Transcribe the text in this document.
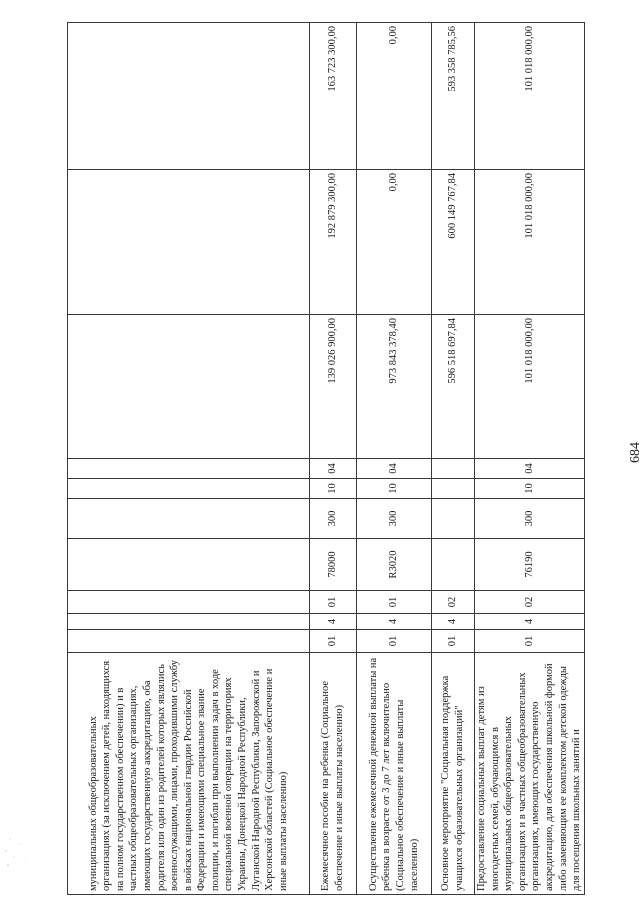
муниципальных общеобразовательных организациях (за исключением детей, находящихся на полном государственном обеспечении) и в частных общеобразовательных организациях, имеющих государственную аккредитацию, оба родителя или один из родителей которых являлись военнослужащими, лицами, проходившими службу в войсках национальной гвардии Российской Федерации и имеющими специальное звание полиции, и погибли при выполнении задач в ходе специальной военной операции на территориях Украины, Донецкой Народной Республики, Луганской Народной Республики, Запорожской и Херсонской областей (Социальное обеспечение и иные выплаты населению)										
Ежемесячное пособие на ребенка (Социальное обеспечение и иные выплаты населению)	01	4	01	78000	300	10	04	139 026 900,00	192 879 300,00	163 723 300,00
Осуществление ежемесячной денежной выплаты на ребенка в возрасте от 3 до 7 лет включительно (Социальное обеспечение и иные выплаты населению)	01	4	01	R3020	300	10	04	973 843 378,40	0,00	0,00
Основное мероприятие "Социальная поддержка учащихся образовательных организаций"	01	4	02					596 518 697,84	600 149 767,84	593 358 785,56
Предоставление социальных выплат детям из многодетных семей, обучающимся в муниципальных общеобразовательных организациях и в частных общеобразовательных организациях, имеющих государственную аккредитацию, для обеспечения школьной формой либо заменяющим ее комплектом детской одежды для посещения школьных занятий и	01	4	02	76190	300	10	04	101 018 000,00	101 018 000,00	101 018 000,00
684
